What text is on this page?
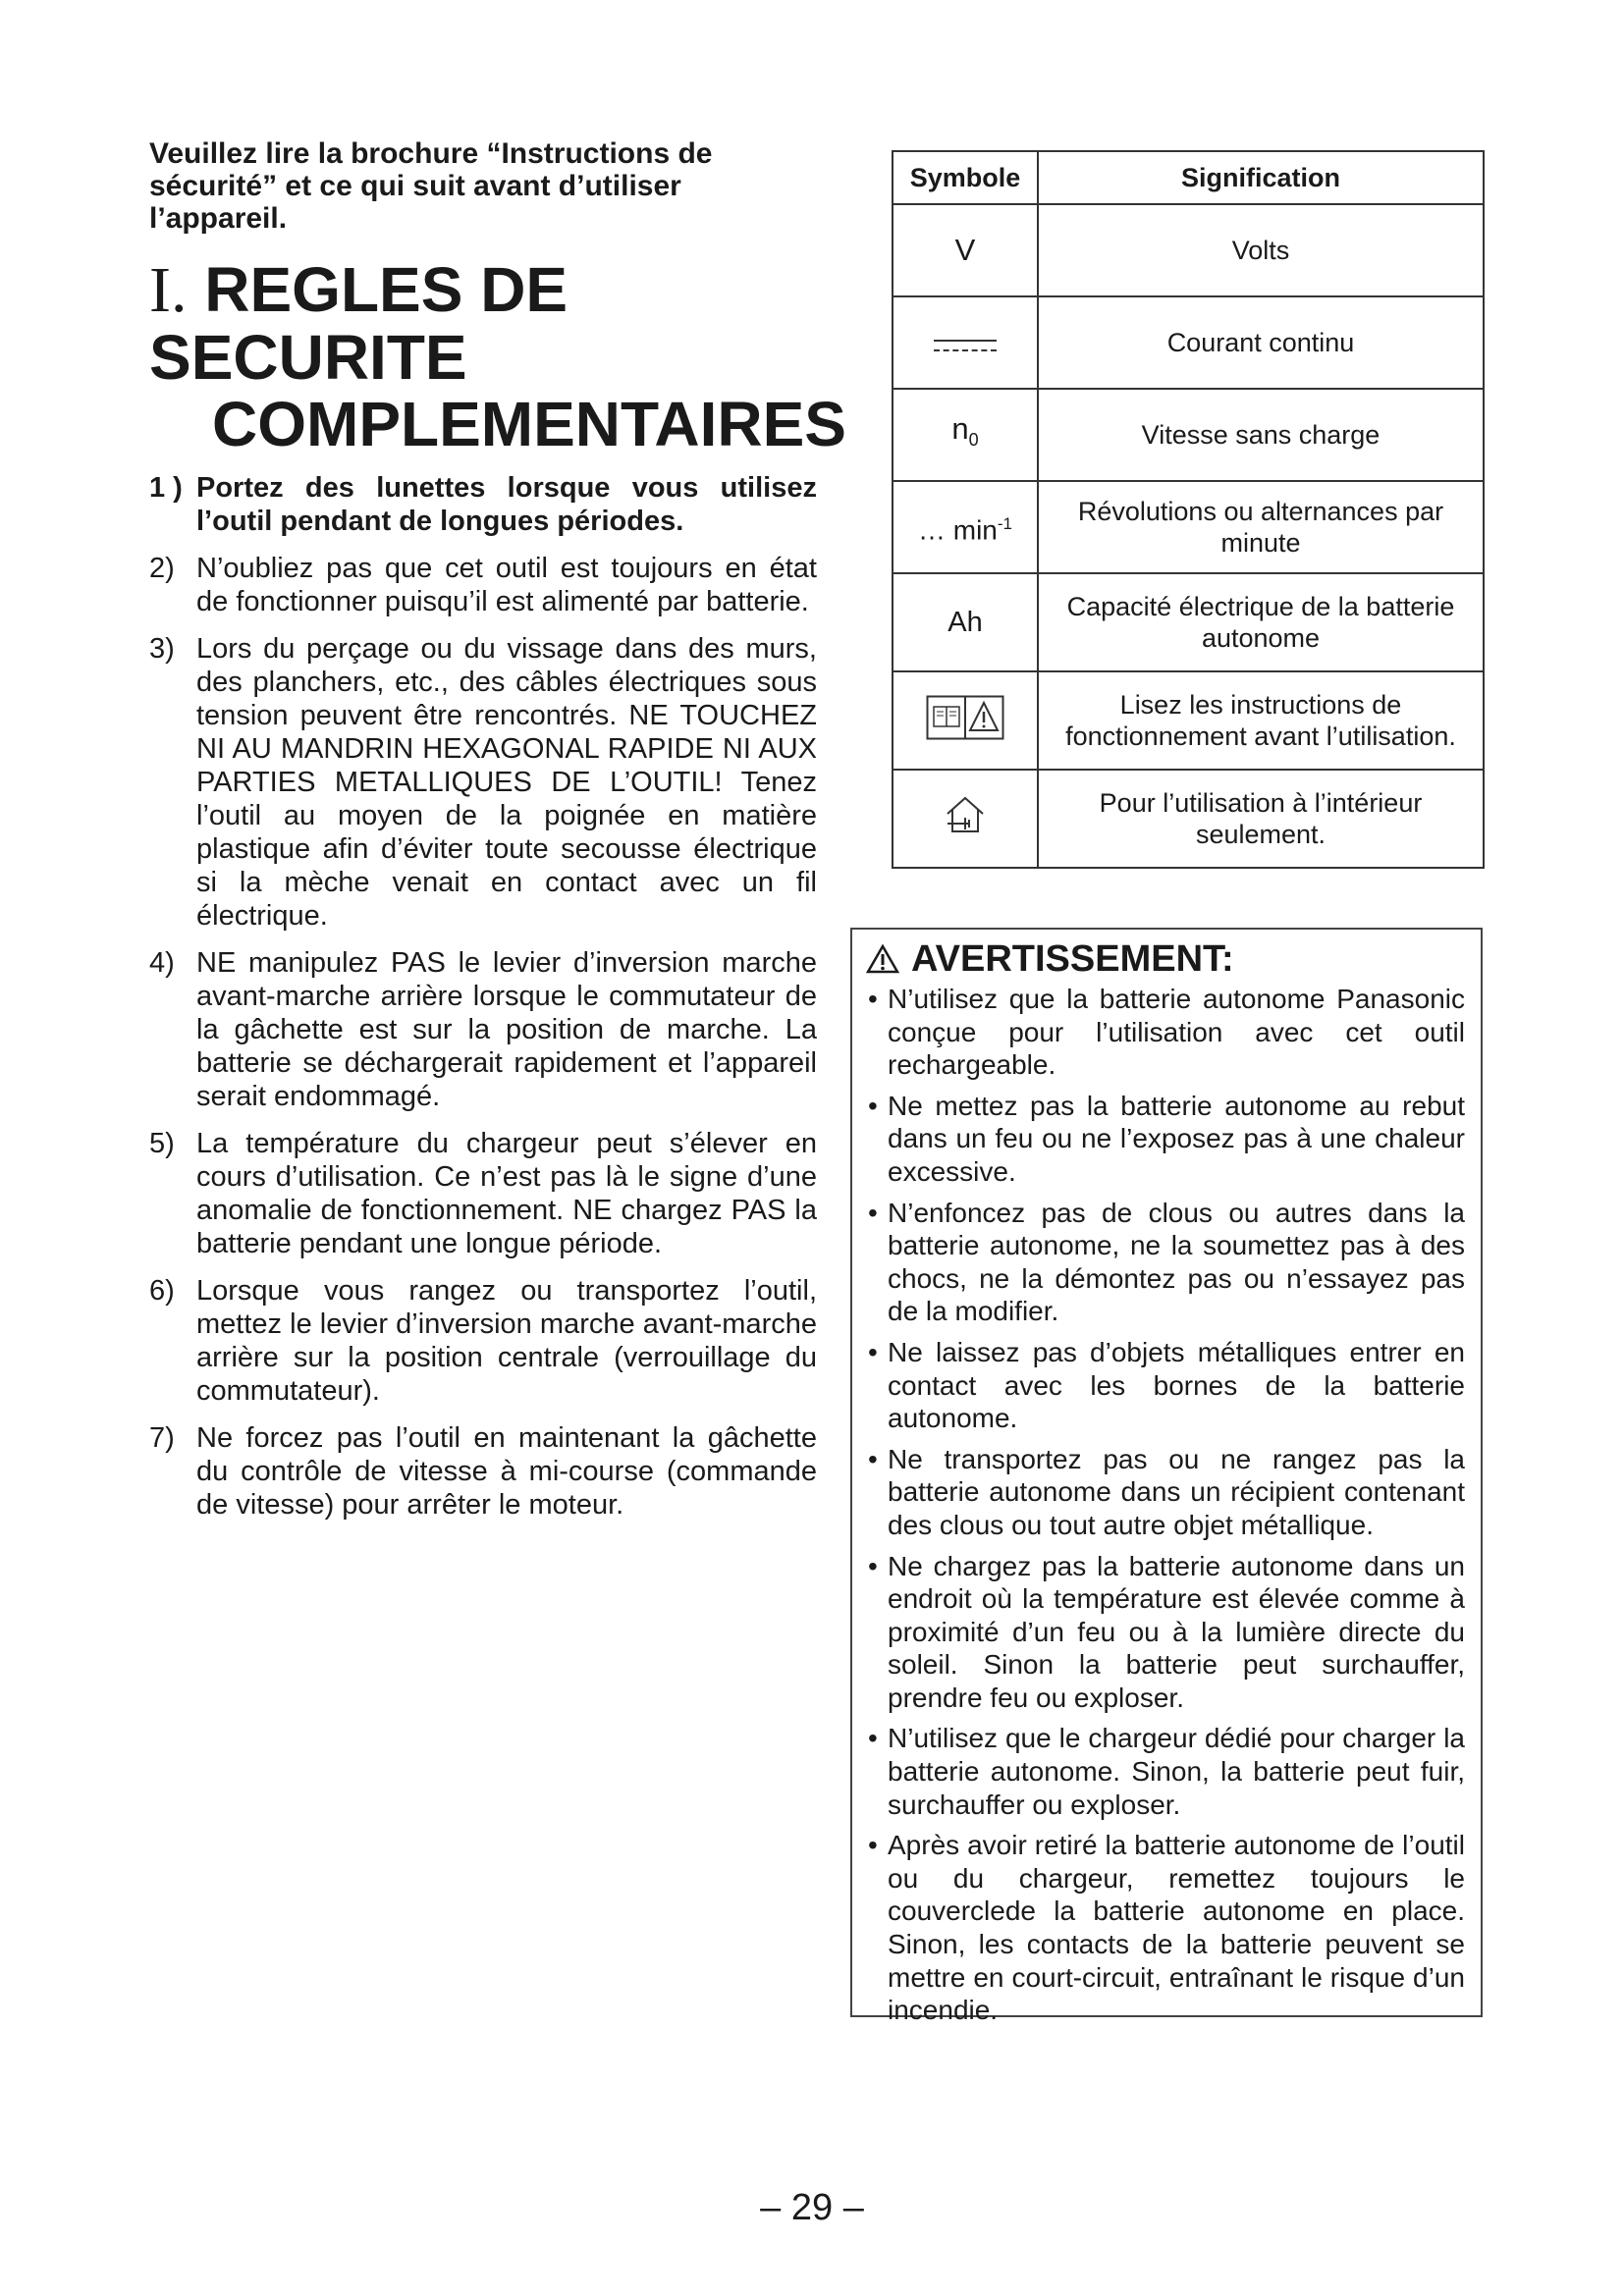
Veuillez lire la brochure “Instructions de sécurité” et ce qui suit avant d’utiliser l’appareil.

I. REGLES DE SECURITE
COMPLEMENTAIRES
1 ) Portez des lunettes lorsque vous utilisez l’outil pendant de longues périodes.
2) N’oubliez pas que cet outil est toujours en état de fonctionner puisqu’il est alimenté par batterie.
3) Lors du perçage ou du vissage dans des murs, des planchers, etc., des câbles électriques sous tension peuvent être rencontrés. NE TOUCHEZ NI AU MANDRIN HEXAGONAL RAPIDE NI AUX PARTIES METALLIQUES DE L’OUTIL! Tenez l’outil au moyen de la poignée en matière plastique afin d’éviter toute secousse électrique si la mèche venait en contact avec un fil électrique.
4) NE manipulez PAS le levier d’inversion marche avant-marche arrière lorsque le commutateur de la gâchette est sur la position de marche. La batterie se déchargerait rapidement et l’appareil serait endommagé.
5) La température du chargeur peut s’élever en cours d’utilisation. Ce n’est pas là le signe d’une anomalie de fonctionnement. NE chargez PAS la batterie pendant une longue période.
6) Lorsque vous rangez ou transportez l’outil, mettez le levier d’inversion marche avant-marche arrière sur la position centrale (verrouillage du commutateur).
7) Ne forcez pas l’outil en maintenant la gâchette du contrôle de vitesse à mi-course (commande de vitesse) pour arrêter le moteur.
Symbole	Signification
V	Volts

	Courant continu
$n_0$	Vitesse sans charge
… $\min^{-1}$	Révolutions ou alternances par minute
Ah	Capacité électrique de la batterie autonome
	Lisez les instructions de fonctionnement avant l’utilisation.
	Pour l’utilisation à l’intérieur seulement.
AVERTISSEMENT:
• N’utilisez que la batterie autonome Panasonic conçue pour l’utilisation avec cet outil rechargeable.
• Ne mettez pas la batterie autonome au rebut dans un feu ou ne l’exposez pas à une chaleur excessive.
• N’enfoncez pas de clous ou autres dans la batterie autonome, ne la soumettez pas à des chocs, ne la démontez pas ou n’essayez pas de la modifier.
• Ne laissez pas d’objets métalliques entrer en contact avec les bornes de la batterie autonome.
• Ne transportez pas ou ne rangez pas la batterie autonome dans un récipient contenant des clous ou tout autre objet métallique.
• Ne chargez pas la batterie autonome dans un endroit où la température est élevée comme à proximité d’un feu ou à la lumière directe du soleil. Sinon la batterie peut surchauffer, prendre feu ou exploser.
• N’utilisez que le chargeur dédié pour charger la batterie autonome. Sinon, la batterie peut fuir, surchauffer ou exploser.
• Après avoir retiré la batterie autonome de l’outil ou du chargeur, remettez toujours le couverclede la batterie autonome en place. Sinon, les contacts de la batterie peuvent se mettre en court-circuit, entraînant le risque d’un incendie.
– 29 –
